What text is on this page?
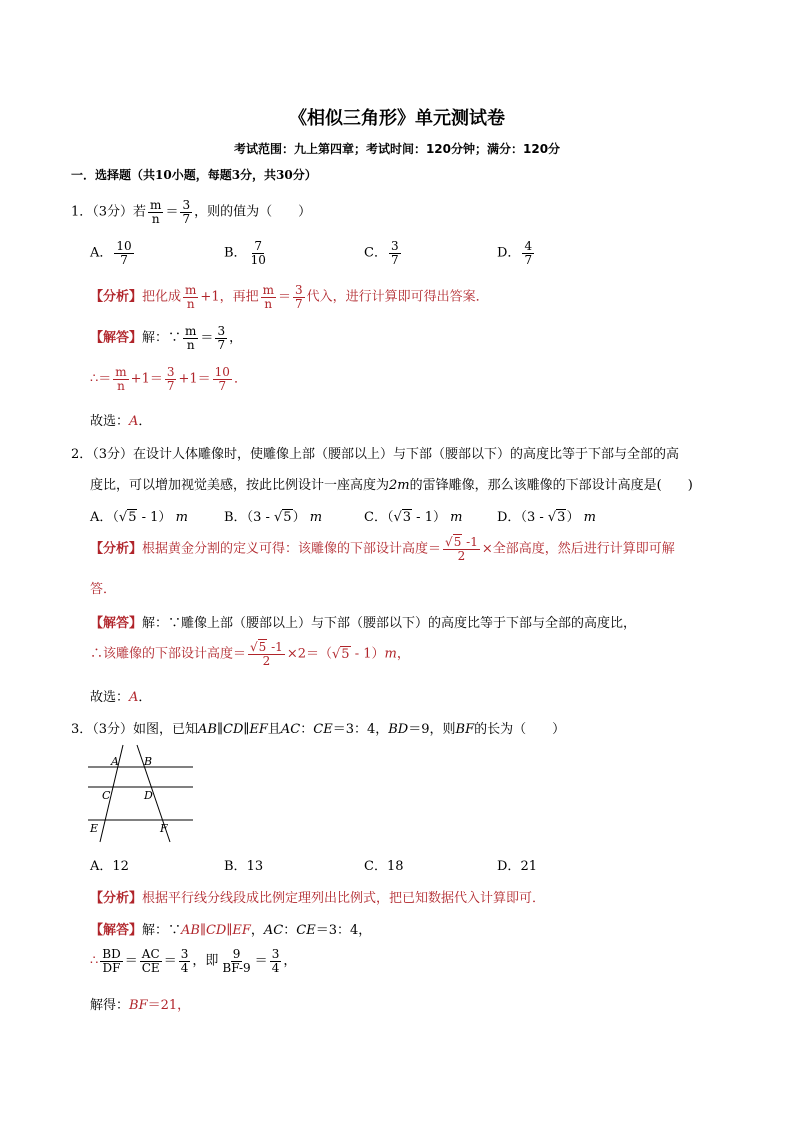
《相似三角形》单元测试卷
考试范围：九上第四章；考试时间：120分钟；满分：120分
一．选择题（共10小题，每题3分，共30分）
1．（3分）若 $\frac{m}{n} = \frac{3}{7}$ ，则的值为（　　）
A． $\frac{10}{7}$	B． $\frac{7}{10}$	C． $\frac{3}{7}$	D． $\frac{4}{7}$
【分析】把化成 $\frac{m}{n} +1$，再把 $\frac{m}{n} = \frac{3}{7}$ 代入，进行计算即可得出答案．
【解答】解：∵ $\frac{m}{n} = \frac{3}{7}$ ，
∴＝ $\frac{m}{n} +1= \frac{3}{7} +1= \frac{10}{7}$ ．
故选：A．
2．（3分）在设计人体雕像时，使雕像上部（腰部以上）与下部（腰部以下）的高度比等于下部与全部的高
度比，可以增加视觉美感，按此比例设计一座高度为2m的雷锋雕像，那么该雕像的下部设计高度是(　　)
A．（√5 - 1） m	B．（3 - √5） m	C．（√3 - 1） m	D．（3 - √3） m
【分析】根据黄金分割的定义可得：该雕像的下部设计高度＝ $\frac{√5 -1}{2}$ ×全部高度，然后进行计算即可解
答．
【解答】解：∵雕像上部（腰部以上）与下部（腰部以下）的高度比等于下部与全部的高度比，
∴该雕像的下部设计高度＝ $\frac{√5 -1}{2} \times 2=(√5 - 1)m$，
故选：A．
3．（3分）如图，已知AB∥CD∥EF且AC：CE＝3：4，BD＝9，则BF的长为（　　）
A B
C	D
E	F
A．12	B．13	C．18	D．21
【分析】根据平行线分线段成比例定理列出比例式，把已知数据代入计算即可．
【解答】解：∵AB∥CD∥EF，AC：CE＝3：4，
∴ $\frac{BD}{DF} = \frac{AC}{CE} = \frac{3}{4}$ ，即 $\frac{9}{BF-9} = \frac{3}{4}$ ，
解得：BF＝21，
